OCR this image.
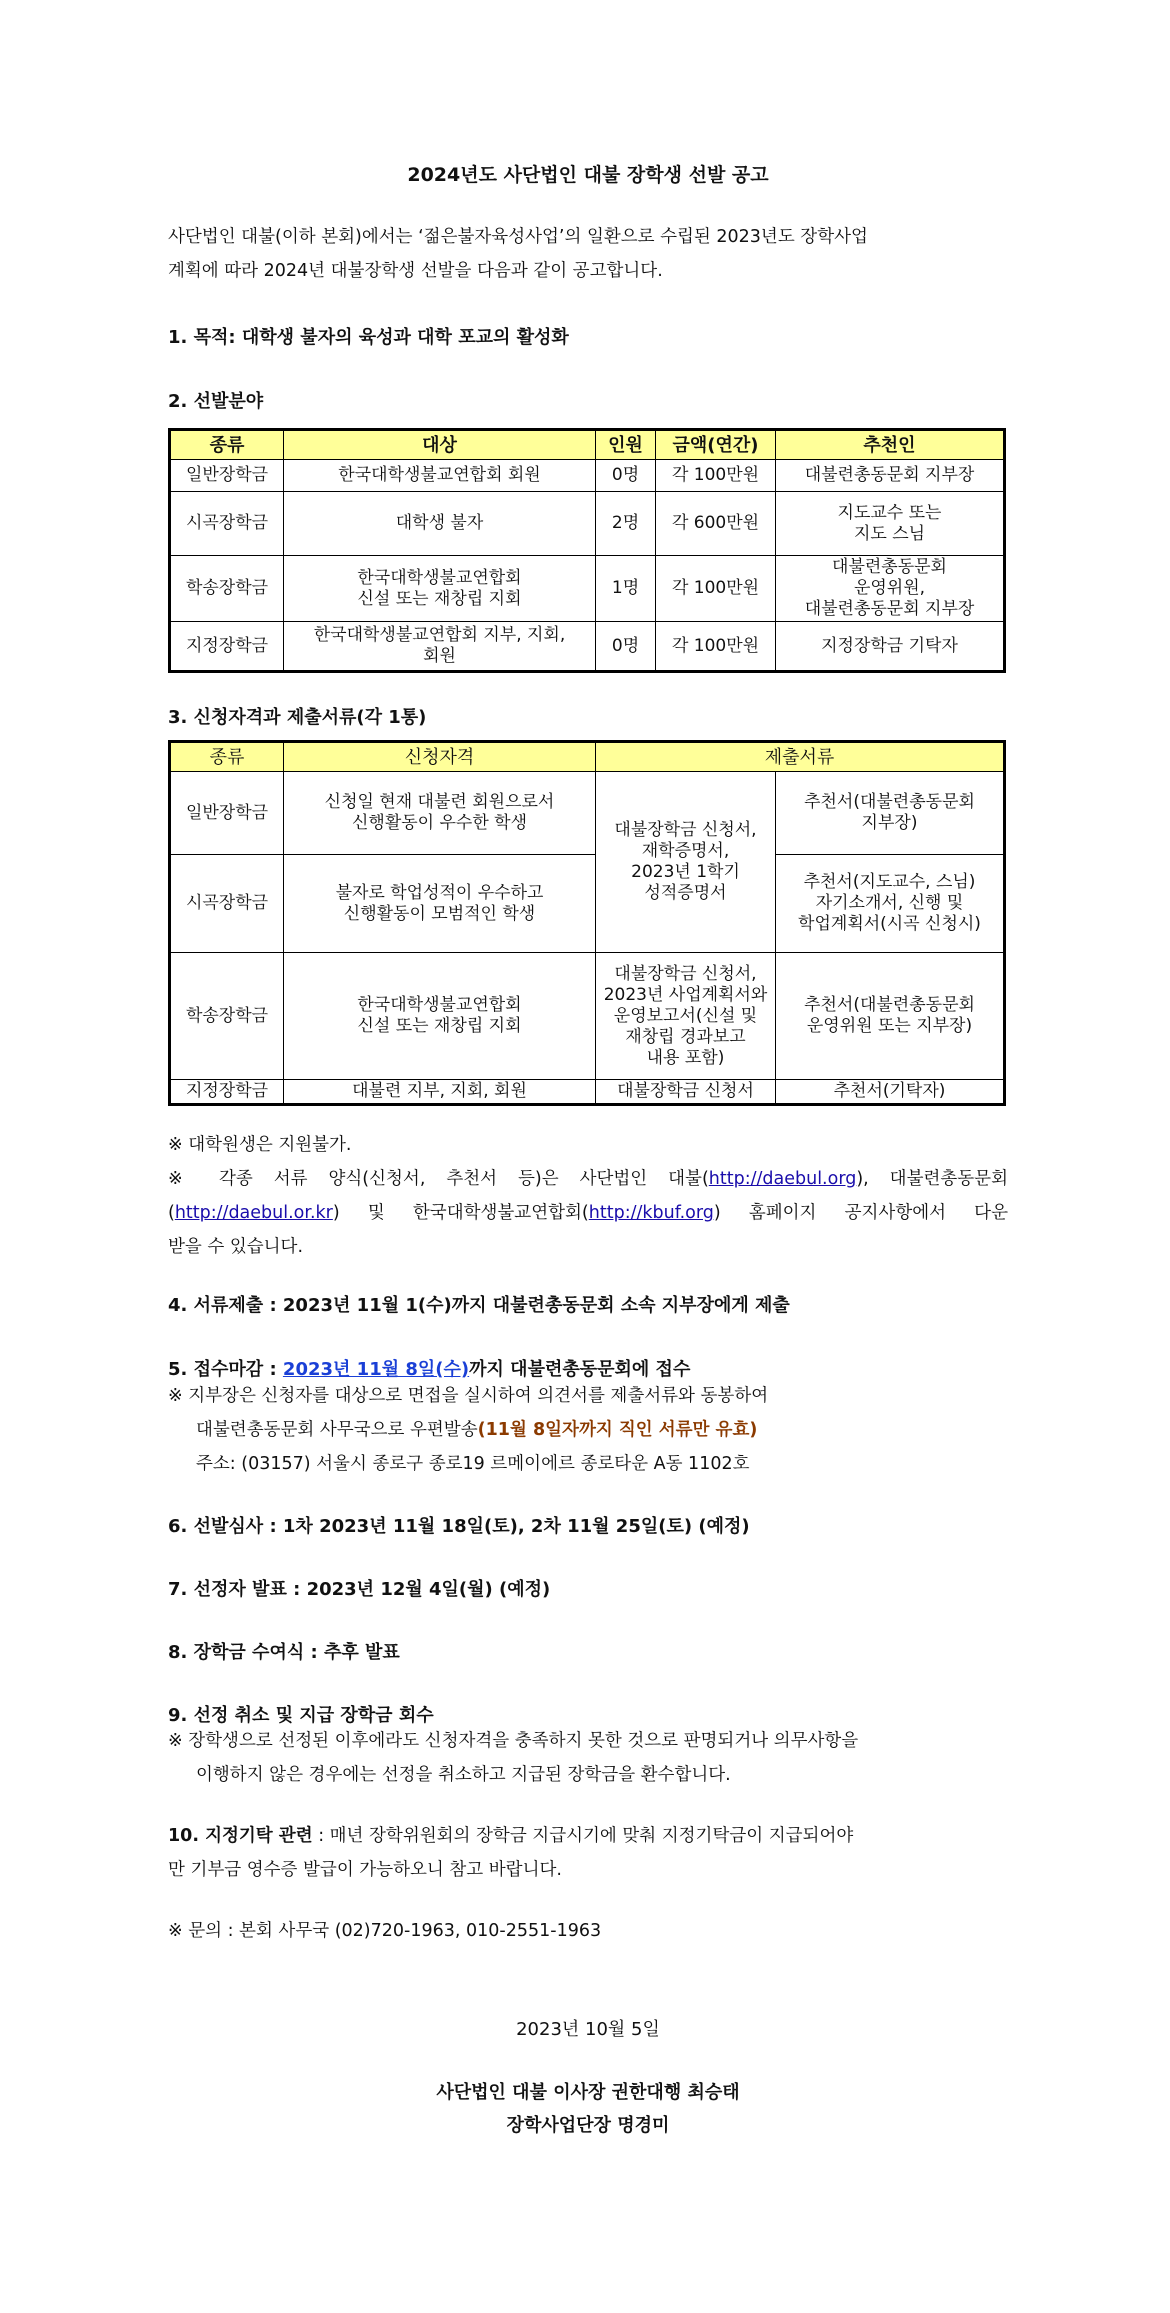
2024년도 사단법인 대불 장학생 선발 공고
사단법인 대불(이하 본회)에서는 ‘젊은불자육성사업’의 일환으로 수립된 2023년도 장학사업
계획에 따라 2024년 대불장학생 선발을 다음과 같이 공고합니다.
1. 목적: 대학생 불자의 육성과 대학 포교의 활성화
2. 선발분야
종류	대상	인원	금액(연간)	추천인
일반장학금	한국대학생불교연합회 회원	0명	각 100만원	대불련총동문회 지부장
시곡장학금	대학생 불자	2명	각 600만원	지도교수 또는
지도 스님
학송장학금	한국대학생불교연합회
신설 또는 재창립 지회	1명	각 100만원	대불련총동문회
운영위원,
대불련총동문회 지부장
지정장학금	한국대학생불교연합회 지부, 지회,
회원	0명	각 100만원	지정장학금 기탁자
3. 신청자격과 제출서류(각 1통)
종류	신청자격	제출서류	
일반장학금	신청일 현재 대불련 회원으로서
신행활동이 우수한 학생	대불장학금 신청서,
재학증명서,
2023년 1학기
성적증명서	추천서(대불련총동문회
지부장)
시곡장학금	불자로 학업성적이 우수하고
신행활동이 모범적인 학생		추천서(지도교수, 스님)
자기소개서, 신행 및
학업계획서(시곡 신청시)
학송장학금	한국대학생불교연합회
신설 또는 재창립 지회	대불장학금 신청서,
2023년 사업계획서와
운영보고서(신설 및
재창립 경과보고
내용 포함)	추천서(대불련총동문회
운영위원 또는 지부장)
지정장학금	대불련 지부, 지회, 회원	대불장학금 신청서	추천서(기탁자)
※ 대학원생은 지원불가.
※ 각종 서류 양식(신청서, 추천서 등)은 사단법인 대불(http://daebul.org), 대불련총동문회
(http://daebul.or.kr) 및 한국대학생불교연합회(http://kbuf.org) 홈페이지 공지사항에서 다운
받을 수 있습니다.
4. 서류제출 : 2023년 11월 1(수)까지 대불련총동문회 소속 지부장에게 제출
5. 접수마감 : 2023년 11월 8일(수)까지 대불련총동문회에 접수
※ 지부장은 신청자를 대상으로 면접을 실시하여 의견서를 제출서류와 동봉하여
대불련총동문회 사무국으로 우편발송(11월 8일자까지 직인 서류만 유효)
주소: (03157) 서울시 종로구 종로19 르메이에르 종로타운 A동 1102호
6. 선발심사 : 1차 2023년 11월 18일(토), 2차 11월 25일(토) (예정)
7. 선정자 발표 : 2023년 12월 4일(월) (예정)
8. 장학금 수여식 : 추후 발표
9. 선정 취소 및 지급 장학금 회수
※ 장학생으로 선정된 이후에라도 신청자격을 충족하지 못한 것으로 판명되거나 의무사항을
이행하지 않은 경우에는 선정을 취소하고 지급된 장학금을 환수합니다.
10. 지정기탁 관련 : 매년 장학위원회의 장학금 지급시기에 맞춰 지정기탁금이 지급되어야
만 기부금 영수증 발급이 가능하오니 참고 바랍니다.
※ 문의 : 본회 사무국 (02)720-1963, 010-2551-1963
2023년 10월 5일
사단법인 대불 이사장 권한대행 최승태
장학사업단장 명경미
